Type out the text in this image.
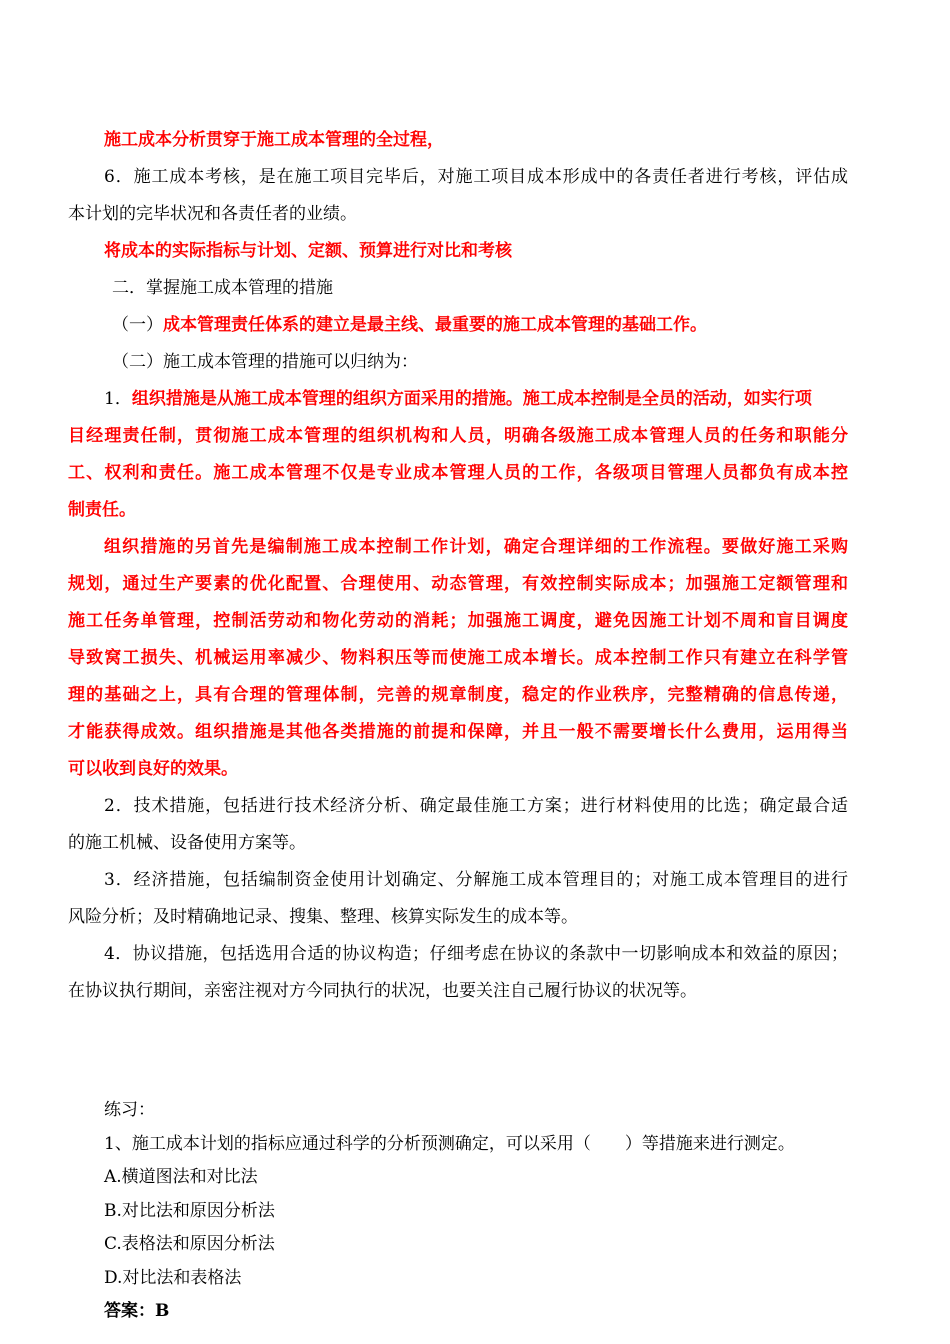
施工成本分析贯穿于施工成本管理的全过程，
6．施工成本考核，是在施工项目完毕后，对施工项目成本形成中的各责任者进行考核，评估成
本计划的完毕状况和各责任者的业绩。
将成本的实际指标与计划、定额、预算进行对比和考核
二．掌握施工成本管理的措施
（一）成本管理责任体系的建立是最主线、最重要的施工成本管理的基础工作。
（二）施工成本管理的措施可以归纳为：
1．组织措施是从施工成本管理的组织方面采用的措施。施工成本控制是全员的活动，如实行项
目经理责任制，贯彻施工成本管理的组织机构和人员，明确各级施工成本管理人员的任务和职能分
工、权利和责任。施工成本管理不仅是专业成本管理人员的工作，各级项目管理人员都负有成本控
制责任。
组织措施的另首先是编制施工成本控制工作计划，确定合理详细的工作流程。要做好施工采购
规划，通过生产要素的优化配置、合理使用、动态管理，有效控制实际成本；加强施工定额管理和
施工任务单管理，控制活劳动和物化劳动的消耗；加强施工调度，避免因施工计划不周和盲目调度
导致窝工损失、机械运用率减少、物料积压等而使施工成本增长。成本控制工作只有建立在科学管
理的基础之上，具有合理的管理体制，完善的规章制度，稳定的作业秩序，完整精确的信息传递，
才能获得成效。组织措施是其他各类措施的前提和保障，并且一般不需要增长什么费用，运用得当
可以收到良好的效果。
2．技术措施，包括进行技术经济分析、确定最佳施工方案；进行材料使用的比选；确定最合适
的施工机械、设备使用方案等。
3．经济措施，包括编制资金使用计划确定、分解施工成本管理目的；对施工成本管理目的进行
风险分析；及时精确地记录、搜集、整理、核算实际发生的成本等。
4．协议措施，包括选用合适的协议构造；仔细考虑在协议的条款中一切影响成本和效益的原因；
在协议执行期间，亲密注视对方今同执行的状况，也要关注自己履行协议的状况等。
练习：
1、施工成本计划的指标应通过科学的分析预测确定，可以采用（　　）等措施来进行测定。
A.横道图法和对比法
B.对比法和原因分析法
C.表格法和原因分析法
D.对比法和表格法
答案：B
